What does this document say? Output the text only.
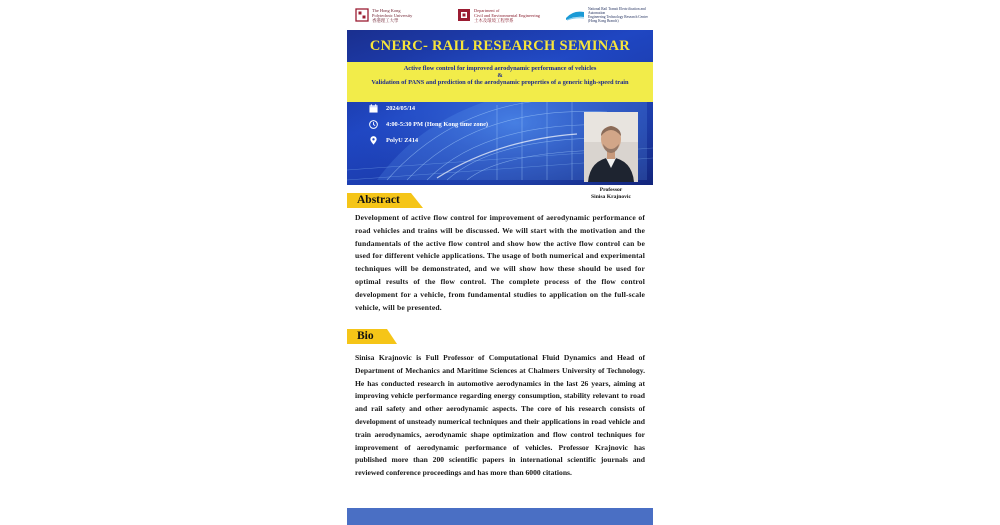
The Hong Kong
Polytechnic University
香港理工大學
Department of
Civil and Environmental Engineering
土木及環境工程學系
National Rail Transit Electrification and Automation
Engineering Technology Research Center
(Hong Kong Branch)
CNERC- RAIL RESEARCH SEMINAR
Active flow control for improved aerodynamic performance of vehicles
&
Validation of PANS and prediction of the aerodynamic properties of a generic high-speed train
2024/05/14
4:00-5:30 PM (Hong Kong time zone)
PolyU Z414
Professor
Sinisa Krajnovic
Abstract
Development of active flow control for improvement of aerodynamic performance of road vehicles and trains will be discussed. We will start with the motivation and the fundamentals of the active flow control and show how the active flow control can be used for different vehicle applications. The usage of both numerical and experimental techniques will be demonstrated, and we will show how these should be used for optimal results of the flow control. The complete process of the flow control development for a vehicle, from fundamental studies to application on the full-scale vehicle, will be presented.
Bio
Sinisa Krajnovic is Full Professor of Computational Fluid Dynamics and Head of Department of Mechanics and Maritime Sciences at Chalmers University of Technology. He has conducted research in automotive aerodynamics in the last 26 years, aiming at improving vehicle performance regarding energy consumption, stability relevant to road and rail safety and other aerodynamic aspects. The core of his research consists of development of unsteady numerical techniques and their applications in road vehicle and train aerodynamics, aerodynamic shape optimization and flow control techniques for improvement of aerodynamic performance of vehicles. Professor Krajnovic has published more than 200 scientific papers in international scientific journals and reviewed conference proceedings and has more than 6000 citations.
